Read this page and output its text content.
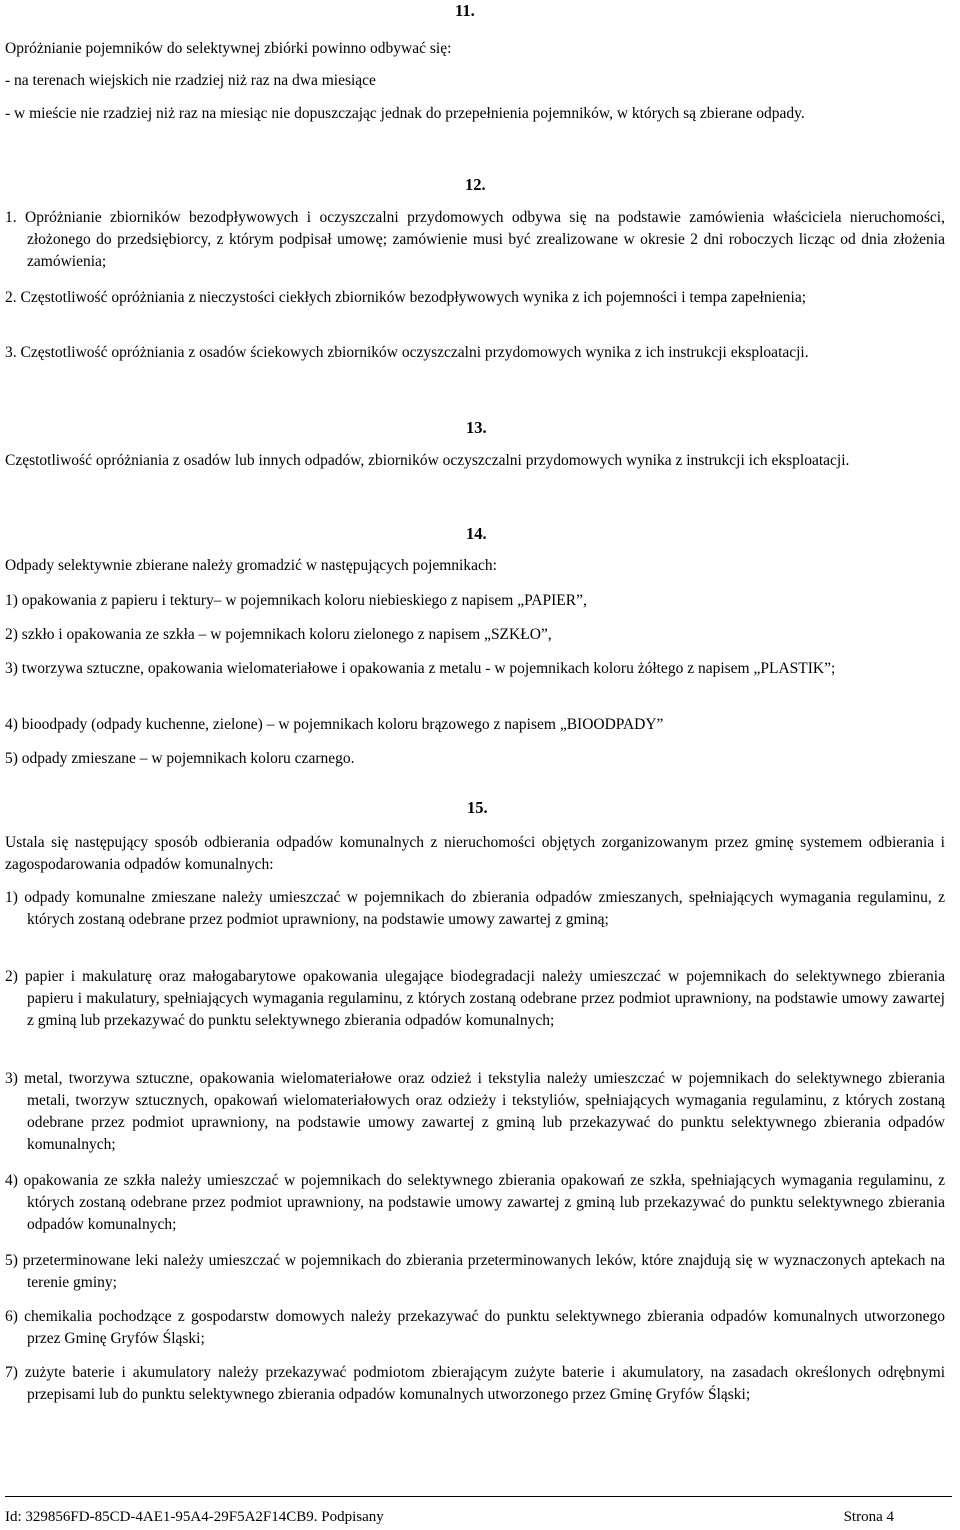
11.
Opróżnianie pojemników do selektywnej zbiórki powinno odbywać się:
- na terenach wiejskich nie rzadziej niż raz na dwa miesiące
- w mieście nie rzadziej niż raz na miesiąc nie dopuszczając jednak do przepełnienia pojemników, w których są zbierane odpady.
12.
1. Opróżnianie zbiorników bezodpływowych i oczyszczalni przydomowych odbywa się na podstawie zamówienia właściciela nieruchomości, złożonego do przedsiębiorcy, z którym podpisał umowę; zamówienie musi być zrealizowane w okresie 2 dni roboczych licząc od dnia złożenia zamówienia;
2. Częstotliwość opróżniania z nieczystości ciekłych zbiorników bezodpływowych wynika z ich pojemności i tempa zapełnienia;
3. Częstotliwość opróżniania z osadów ściekowych zbiorników oczyszczalni przydomowych wynika z ich instrukcji eksploatacji.
13.
Częstotliwość opróżniania z osadów lub innych odpadów, zbiorników oczyszczalni przydomowych wynika z instrukcji ich eksploatacji.
14.
Odpady selektywnie zbierane należy gromadzić w następujących pojemnikach:
1) opakowania z papieru i tektury– w pojemnikach koloru niebieskiego z napisem „PAPIER”,
2) szkło i opakowania ze szkła – w pojemnikach koloru zielonego z napisem „SZKŁO”,
3) tworzywa sztuczne, opakowania wielomateriałowe i opakowania z metalu - w pojemnikach koloru żółtego z napisem „PLASTIK”;
4) bioodpady (odpady kuchenne, zielone) – w pojemnikach koloru brązowego z napisem „BIOODPADY”
5) odpady zmieszane – w pojemnikach koloru czarnego.
15.
Ustala się następujący sposób odbierania odpadów komunalnych z nieruchomości objętych zorganizowanym przez gminę systemem odbierania i zagospodarowania odpadów komunalnych:
1) odpady komunalne zmieszane należy umieszczać w pojemnikach do zbierania odpadów zmieszanych, spełniających wymagania regulaminu, z których zostaną odebrane przez podmiot uprawniony, na podstawie umowy zawartej z gminą;
2) papier i makulaturę oraz małogabarytowe opakowania ulegające biodegradacji należy umieszczać w pojemnikach do selektywnego zbierania papieru i makulatury, spełniających wymagania regulaminu, z których zostaną odebrane przez podmiot uprawniony, na podstawie umowy zawartej z gminą lub przekazywać do punktu selektywnego zbierania odpadów komunalnych;
3) metal, tworzywa sztuczne, opakowania wielomateriałowe oraz odzież i tekstylia należy umieszczać w pojemnikach do selektywnego zbierania metali, tworzyw sztucznych, opakowań wielomateriałowych oraz odzieży i tekstyliów, spełniających wymagania regulaminu, z których zostaną odebrane przez podmiot uprawniony, na podstawie umowy zawartej z gminą lub przekazywać do punktu selektywnego zbierania odpadów komunalnych;
4) opakowania ze szkła należy umieszczać w pojemnikach do selektywnego zbierania opakowań ze szkła, spełniających wymagania regulaminu, z których zostaną odebrane przez podmiot uprawniony, na podstawie umowy zawartej z gminą lub przekazywać do punktu selektywnego zbierania odpadów komunalnych;
5) przeterminowane leki należy umieszczać w pojemnikach do zbierania przeterminowanych leków, które znajdują się w wyznaczonych aptekach na terenie gminy;
6) chemikalia pochodzące z gospodarstw domowych należy przekazywać do punktu selektywnego zbierania odpadów komunalnych utworzonego przez Gminę Gryfów Śląski;
7) zużyte baterie i akumulatory należy przekazywać podmiotom zbierającym zużyte baterie i akumulatory, na zasadach określonych odrębnymi przepisami lub do punktu selektywnego zbierania odpadów komunalnych utworzonego przez Gminę Gryfów Śląski;
Id: 329856FD-85CD-4AE1-95A4-29F5A2F14CB9. Podpisany	Strona 4
